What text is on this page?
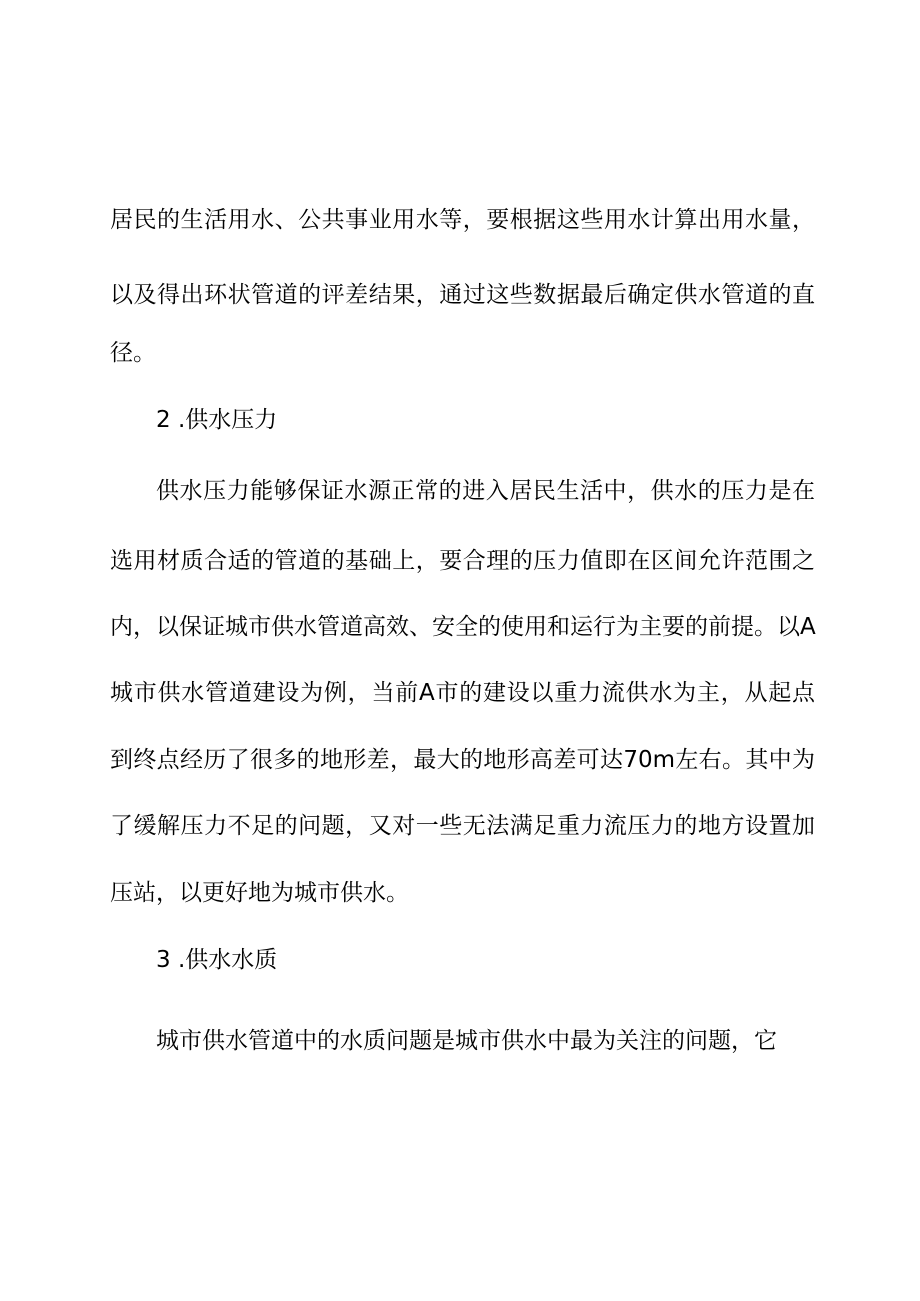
居民的生活用水、公共事业用水等，要根据这些用水计算出用水量，
以及得出环状管道的评差结果，通过这些数据最后确定供水管道的直
径。
2 .供水压力
供水压力能够保证水源正常的进入居民生活中，供水的压力是在
选用材质合适的管道的基础上，要合理的压力值即在区间允许范围之
内，以保证城市供水管道高效、安全的使用和运行为主要的前提。以A
城市供水管道建设为例，当前A市的建设以重力流供水为主，从起点
到终点经历了很多的地形差，最大的地形高差可达70m左右。其中为
了缓解压力不足的问题，又对一些无法满足重力流压力的地方设置加
压站，以更好地为城市供水。
3 .供水水质
城市供水管道中的水质问题是城市供水中最为关注的问题，它
